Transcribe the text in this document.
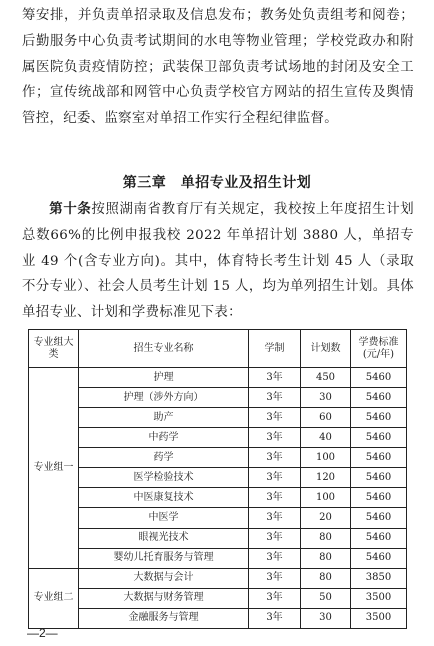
筹安排，并负责单招录取及信息发布；教务处负责组考和阅卷；后勤服务中心负责考试期间的水电等物业管理；学校党政办和附属医院负责疫情防控；武装保卫部负责考试场地的封闭及安全工作；宣传统战部和网管中心负责学校官方网站的招生宣传及舆情管控，纪委、监察室对单招工作实行全程纪律监督。

第三章　单招专业及招生计划

第十条按照湖南省教育厅有关规定，我校按上年度招生计划总数66%的比例申报我校 2022 年单招计划 3880 人，单招专业 49 个(含专业方向)。其中，体育特长考生计划 45 人（录取不分专业）、社会人员考生计划 15 人，均为单列招生计划。具体单招专业、计划和学费标准见下表：

专业组大类	招生专业名称	学制	计划数	学费标准(元/年)
专业组一	护理	3年	450	5460
	护理（涉外方向）	3年	30	5460
	助产	3年	60	5460
	中药学	3年	40	5460
	药学	3年	100	5460
	医学检验技术	3年	120	5460
	中医康复技术	3年	100	5460
	中医学	3年	20	5460
	眼视光技术	3年	80	5460
	婴幼儿托育服务与管理	3年	80	5460
专业组二	大数据与会计	3年	80	3850
	大数据与财务管理	3年	50	3500
	金融服务与管理	3年	30	3500
—2—
